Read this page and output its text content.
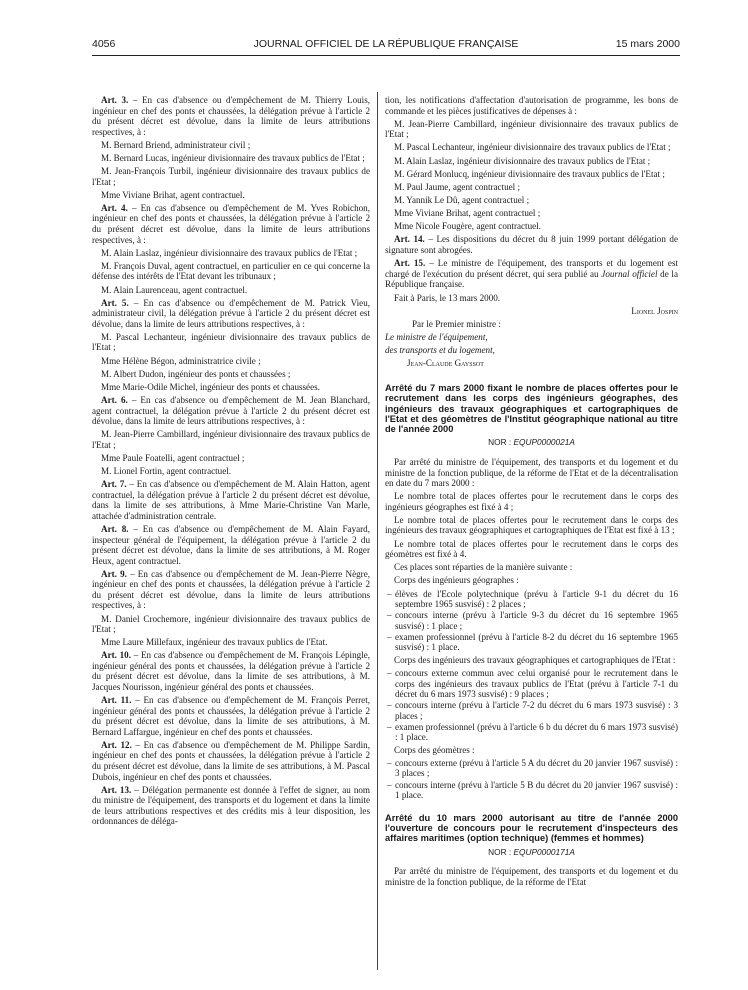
4056	JOURNAL OFFICIEL DE LA RÉPUBLIQUE FRANÇAISE	15 mars 2000

Art. 3. – En cas d'absence ou d'empêchement de M. Thierry Louis, ingénieur en chef des ponts et chaussées, la délégation prévue à l'article 2 du présent décret est dévolue, dans la limite de leurs attributions respectives, à :

M. Bernard Briend, administrateur civil ;

M. Bernard Lucas, ingénieur divisionnaire des travaux publics de l'Etat ;

M. Jean-François Turbil, ingénieur divisionnaire des travaux publics de l'Etat ;

Mme Viviane Brihat, agent contractuel.

Art. 4. – En cas d'absence ou d'empêchement de M. Yves Robichon, ingénieur en chef des ponts et chaussées, la délégation prévue à l'article 2 du présent décret est dévolue, dans la limite de leurs attributions respectives, à :

M. Alain Laslaz, ingénieur divisionnaire des travaux publics de l'Etat ;

M. François Duval, agent contractuel, en particulier en ce qui concerne la défense des intérêts de l'Etat devant les tribunaux ;

M. Alain Laurenceau, agent contractuel.

Art. 5. – En cas d'absence ou d'empêchement de M. Patrick Vieu, administrateur civil, la délégation prévue à l'article 2 du présent décret est dévolue, dans la limite de leurs attributions respectives, à :

M. Pascal Lechanteur, ingénieur divisionnaire des travaux publics de l'Etat ;

Mme Hélène Bégon, administratrice civile ;

M. Albert Dudon, ingénieur des ponts et chaussées ;

Mme Marie-Odile Michel, ingénieur des ponts et chaussées.

Art. 6. – En cas d'absence ou d'empêchement de M. Jean Blanchard, agent contractuel, la délégation prévue à l'article 2 du présent décret est dévolue, dans la limite de leurs attributions respectives, à :

M. Jean-Pierre Cambillard, ingénieur divisionnaire des travaux publics de l'Etat ;

Mme Paule Foatelli, agent contractuel ;

M. Lionel Fortin, agent contractuel.

Art. 7. – En cas d'absence ou d'empêchement de M. Alain Hatton, agent contractuel, la délégation prévue à l'article 2 du présent décret est dévolue, dans la limite de ses attributions, à Mme Marie-Christine Van Marle, attachée d'administration centrale.

Art. 8. – En cas d'absence ou d'empêchement de M. Alain Fayard, inspecteur général de l'équipement, la délégation prévue à l'article 2 du présent décret est dévolue, dans la limite de ses attributions, à M. Roger Heux, agent contractuel.

Art. 9. – En cas d'absence ou d'empêchement de M. Jean-Pierre Nègre, ingénieur en chef des ponts et chaussées, la délégation prévue à l'article 2 du présent décret est dévolue, dans la limite de leurs attributions respectives, à :

M. Daniel Crochemore, ingénieur divisionnaire des travaux publics de l'Etat ;

Mme Laure Millefaux, ingénieur des travaux publics de l'Etat.

Art. 10. – En cas d'absence ou d'empêchement de M. François Lépingle, ingénieur général des ponts et chaussées, la délégation prévue à l'article 2 du présent décret est dévolue, dans la limite de ses attributions, à M. Jacques Nourisson, ingénieur général des ponts et chaussées.

Art. 11. – En cas d'absence ou d'empêchement de M. François Perret, ingénieur général des ponts et chaussées, la délégation prévue à l'article 2 du présent décret est dévolue, dans la limite de ses attributions, à M. Bernard Laffargue, ingénieur en chef des ponts et chaussées.

Art. 12. – En cas d'absence ou d'empêchement de M. Philippe Sardin, ingénieur en chef des ponts et chaussées, la délégation prévue à l'article 2 du présent décret est dévolue, dans la limite de ses attributions, à M. Pascal Dubois, ingénieur en chef des ponts et chaussées.

Art. 13. – Délégation permanente est donnée à l'effet de signer, au nom du ministre de l'équipement, des transports et du logement et dans la limite de leurs attributions respectives et des crédits mis à leur disposition, les ordonnances de déléga-

tion, les notifications d'affectation d'autorisation de programme, les bons de commande et les pièces justificatives de dépenses à :

M. Jean-Pierre Cambillard, ingénieur divisionnaire des travaux publics de l'Etat ;

M. Pascal Lechanteur, ingénieur divisionnaire des travaux publics de l'Etat ;

M. Alain Laslaz, ingénieur divisionnaire des travaux publics de l'Etat ;

M. Gérard Monlucq, ingénieur divisionnaire des travaux publics de l'Etat ;

M. Paul Jaume, agent contractuel ;

M. Yannik Le Dû, agent contractuel ;

Mme Viviane Brihat, agent contractuel ;

Mme Nicole Fougère, agent contractuel.

Art. 14. – Les dispositions du décret du 8 juin 1999 portant délégation de signature sont abrogées.

Art. 15. – Le ministre de l'équipement, des transports et du logement est chargé de l'exécution du présent décret, qui sera publié au Journal officiel de la République française.

Fait à Paris, le 13 mars 2000.

Lionel Jospin

Par le Premier ministre :

Le ministre de l'équipement,

des transports et du logement,

Jean-Claude Gayssot

Arrêté du 7 mars 2000 fixant le nombre de places offertes pour le recrutement dans les corps des ingénieurs géographes, des ingénieurs des travaux géographiques et cartographiques de l'Etat et des géomètres de l'Institut géographique national au titre de l'année 2000
NOR : EQUP0000021A

Par arrêté du ministre de l'équipement, des transports et du logement et du ministre de la fonction publique, de la réforme de l'Etat et de la décentralisation en date du 7 mars 2000 :

Le nombre total de places offertes pour le recrutement dans le corps des ingénieurs géographes est fixé à 4 ;

Le nombre total de places offertes pour le recrutement dans le corps des ingénieurs des travaux géographiques et cartographiques de l'Etat est fixé à 13 ;

Le nombre total de places offertes pour le recrutement dans le corps des géomètres est fixé à 4.

Ces places sont réparties de la manière suivante :

Corps des ingénieurs géographes :

– élèves de l'Ecole polytechnique (prévu à l'article 9-1 du décret du 16 septembre 1965 susvisé) : 2 places ;
– concours interne (prévu à l'article 9-3 du décret du 16 septembre 1965 susvisé) : 1 place ;
– examen professionnel (prévu à l'article 8-2 du décret du 16 septembre 1965 susvisé) : 1 place.

Corps des ingénieurs des travaux géographiques et cartographiques de l'Etat :

– concours externe commun avec celui organisé pour le recrutement dans le corps des ingénieurs des travaux publics de l'Etat (prévu à l'article 7-1 du décret du 6 mars 1973 susvisé) : 9 places ;
– concours interne (prévu à l'article 7-2 du décret du 6 mars 1973 susvisé) : 3 places ;
– examen professionnel (prévu à l'article 6 b du décret du 6 mars 1973 susvisé) : 1 place.

Corps des géomètres :

– concours externe (prévu à l'article 5 A du décret du 20 janvier 1967 susvisé) : 3 places ;
– concours interne (prévu à l'article 5 B du décret du 20 janvier 1967 susvisé) : 1 place.
Arrêté du 10 mars 2000 autorisant au titre de l'année 2000 l'ouverture de concours pour le recrutement d'inspecteurs des affaires maritimes (option technique) (femmes et hommes)
NOR : EQUP0000171A

Par arrêté du ministre de l'équipement, des transports et du logement et du ministre de la fonction publique, de la réforme de l'Etat
